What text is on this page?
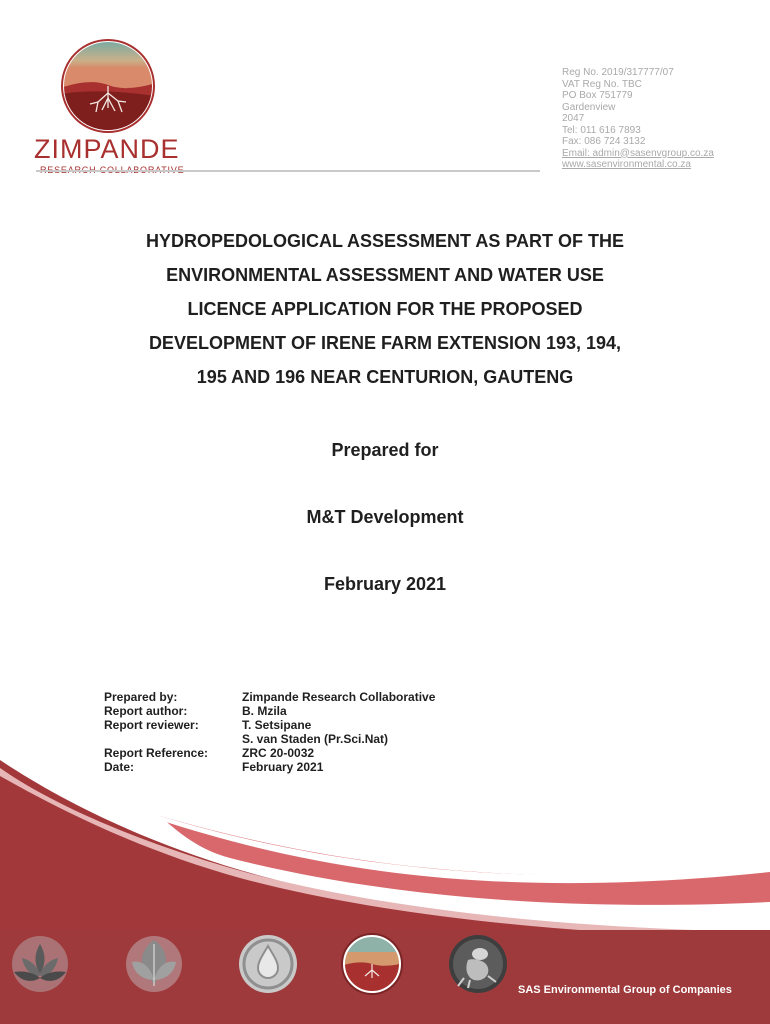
ZIMPANDE
Reg No. 2019/317777/07
VAT Reg No. TBC
PO Box 751779
Gardenview
2047
Tel: 011 616 7893
Fax: 086 724 3132
Email: admin@sasenvgroup.co.za
www.sasenvironmental.co.za
HYDROPEDOLOGICAL ASSESSMENT AS PART OF THE
ENVIRONMENTAL ASSESSMENT AND WATER USE
LICENCE APPLICATION FOR THE PROPOSED
DEVELOPMENT OF IRENE FARM EXTENSION 193, 194,
195 AND 196 NEAR CENTURION, GAUTENG
Prepared for
M&T Development
February 2021
Prepared by:	Zimpande Research Collaborative
Report author:	B. Mzila
Report reviewer:	T. Setsipane
S. van Staden (Pr.Sci.Nat)
Report Reference:	ZRC 20-0032
Date:	February 2021
SAS Environmental Group of Companies
